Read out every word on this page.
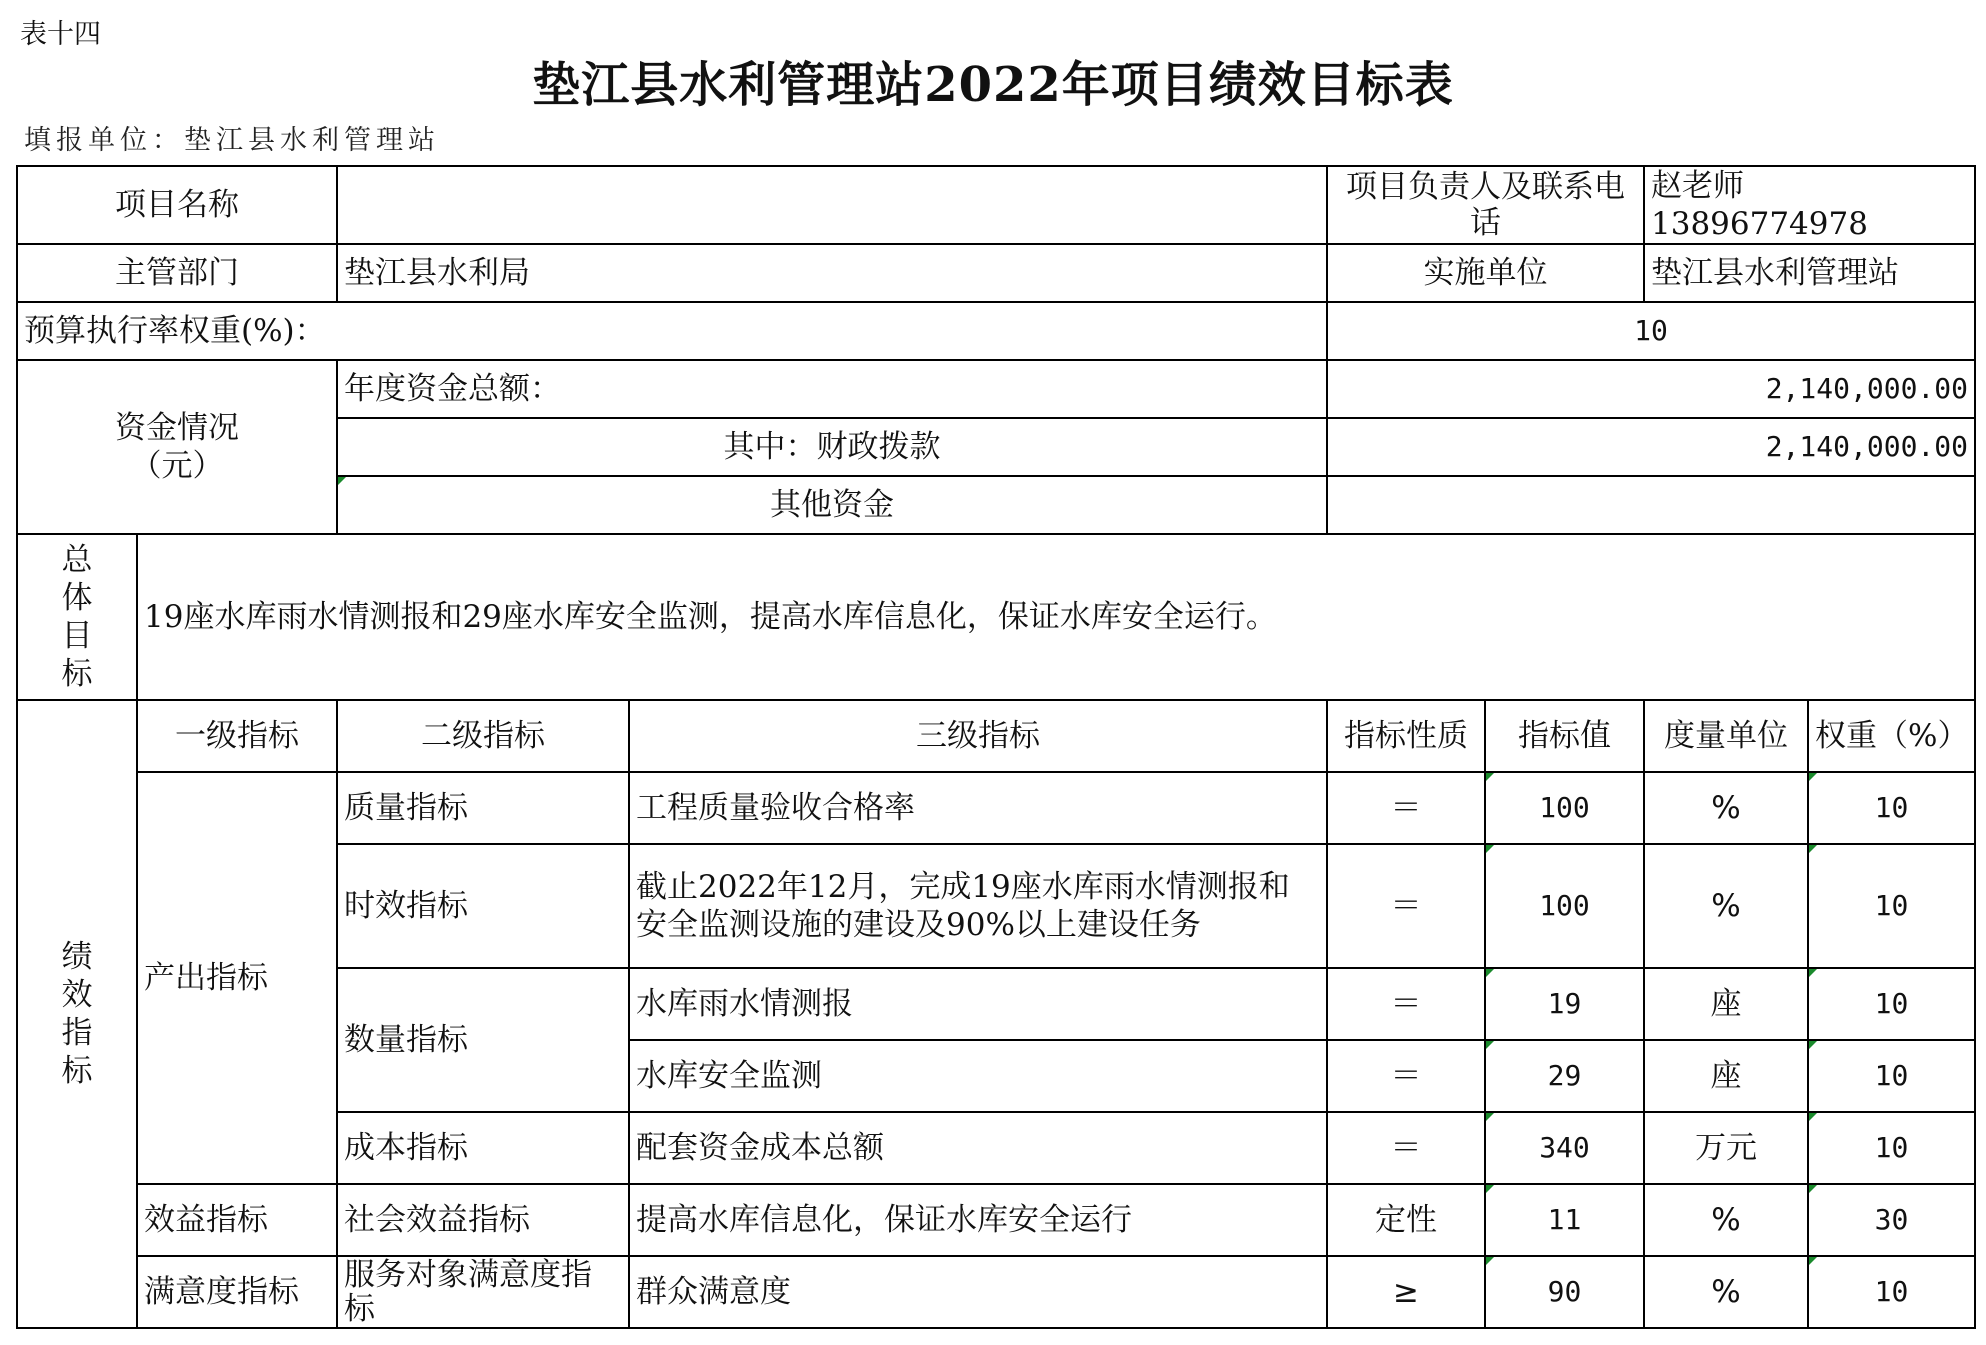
表十四
垫江县水利管理站2022年项目绩效目标表
填报单位：垫江县水利管理站
项目名称				项目负责人及联系电话		赵老师 13896774978	
主管部门		垫江县水利局		实施单位		垫江县水利管理站	
预算执行率权重(%)：				10			

资金情况（元）		年度资金总额：		2,140,000.00			
		其中：财政拨款		2,140,000.00			
		其他资金					

总体目标	19座水库雨水情测报和29座水库安全监测，提高水库信息化，保证水库安全运行。						

绩效指标	一级指标	二级指标	三级指标	指标性质	指标值	度量单位	权重（%）
	产出指标	质量指标	工程质量验收合格率	＝	100	%	10
		时效指标	截止2022年12月，完成19座水库雨水情测报和安全监测设施的建设及90%以上建设任务	＝	100	%	10
		数量指标	水库雨水情测报	＝	19	座	10
			水库安全监测	＝	29	座	10
		成本指标	配套资金成本总额	＝	340	万元	10
	效益指标	社会效益指标	提高水库信息化，保证水库安全运行	定性	11	%	30
	满意度指标	服务对象满意度指标	群众满意度	≥	90	%	10
